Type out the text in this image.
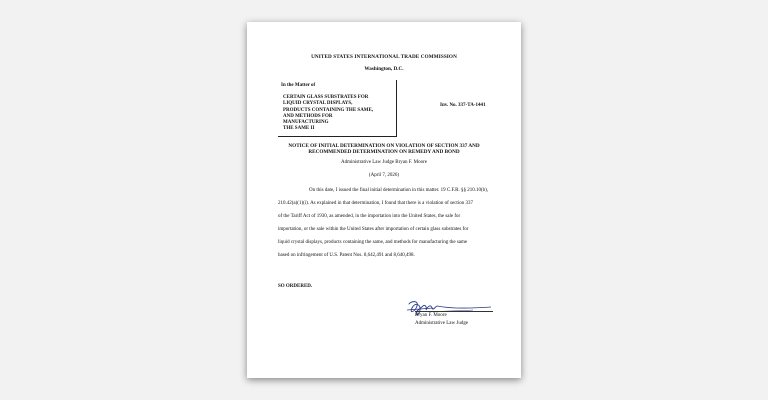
UNITED STATES INTERNATIONAL TRADE COMMISSION
Washington, D.C.
In the Matter of
CERTAIN GLASS SUBSTRATES FOR
LIQUID CRYSTAL DISPLAYS,
PRODUCTS CONTAINING THE SAME,
AND METHODS FOR
MANUFACTURING
THE SAME II
Inv. No. 337-TA-1441
NOTICE OF INITIAL DETERMINATION ON VIOLATION OF SECTION 337 AND
RECOMMENDED DETERMINATION ON REMEDY AND BOND
Administrative Law Judge Bryan F. Moore
(April 7, 2026)
On this date, I issued the final initial determination in this matter. 19 C.F.R. §§ 210.10(b),
210.42(a)(1)(i). As explained in that determination, I found that there is a violation of section 337
of the Tariff Act of 1930, as amended, in the importation into the United States, the sale for
importation, or the sale within the United States after importation of certain glass substrates for
liquid crystal displays, products containing the same, and methods for manufacturing the same
based on infringement of U.S. Patent Nos. 8,642,491 and 8,640,498.
SO ORDERED.
Bryan F. Moore
Administrative Law Judge
